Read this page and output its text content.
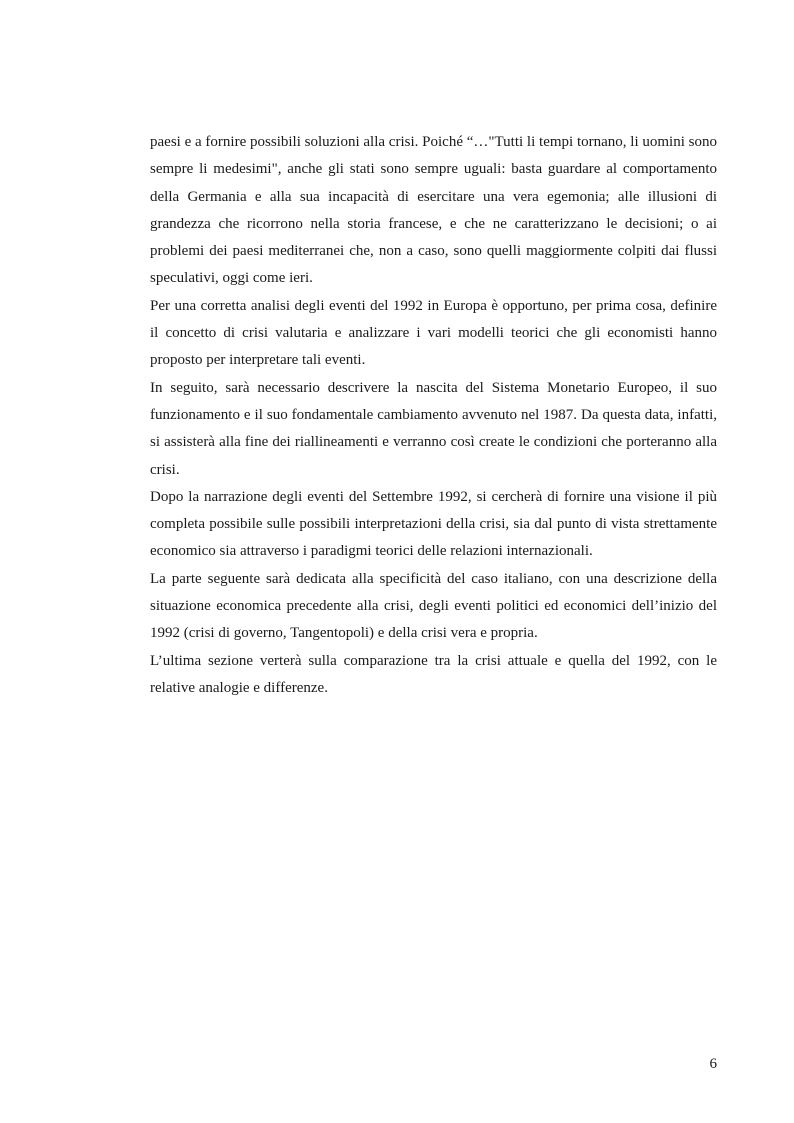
paesi e a fornire possibili soluzioni alla crisi. Poiché “…"Tutti li tempi tornano, li uomini sono sempre li medesimi", anche gli stati sono sempre uguali: basta guardare al comportamento della Germania e alla sua incapacità di esercitare una vera egemonia; alle illusioni di grandezza che ricorrono nella storia francese, e che ne caratterizzano le decisioni; o ai problemi dei paesi mediterranei che, non a caso, sono quelli maggiormente colpiti dai flussi speculativi, oggi come ieri.

Per una corretta analisi degli eventi del 1992 in Europa è opportuno, per prima cosa, definire il concetto di crisi valutaria e analizzare i vari modelli teorici che gli economisti hanno proposto per interpretare tali eventi.

In seguito, sarà necessario descrivere la nascita del Sistema Monetario Europeo, il suo funzionamento e il suo fondamentale cambiamento avvenuto nel 1987. Da questa data, infatti, si assisterà alla fine dei riallineamenti e verranno così create le condizioni che porteranno alla crisi.

Dopo la narrazione degli eventi del Settembre 1992, si cercherà di fornire una visione il più completa possibile sulle possibili interpretazioni della crisi, sia dal punto di vista strettamente economico sia attraverso i paradigmi teorici delle relazioni internazionali.

La parte seguente sarà dedicata alla specificità del caso italiano, con una descrizione della situazione economica precedente alla crisi, degli eventi politici ed economici dell’inizio del 1992 (crisi di governo, Tangentopoli) e della crisi vera e propria.

L’ultima sezione verterà sulla comparazione tra la crisi attuale e quella del 1992, con le relative analogie e differenze.

6
